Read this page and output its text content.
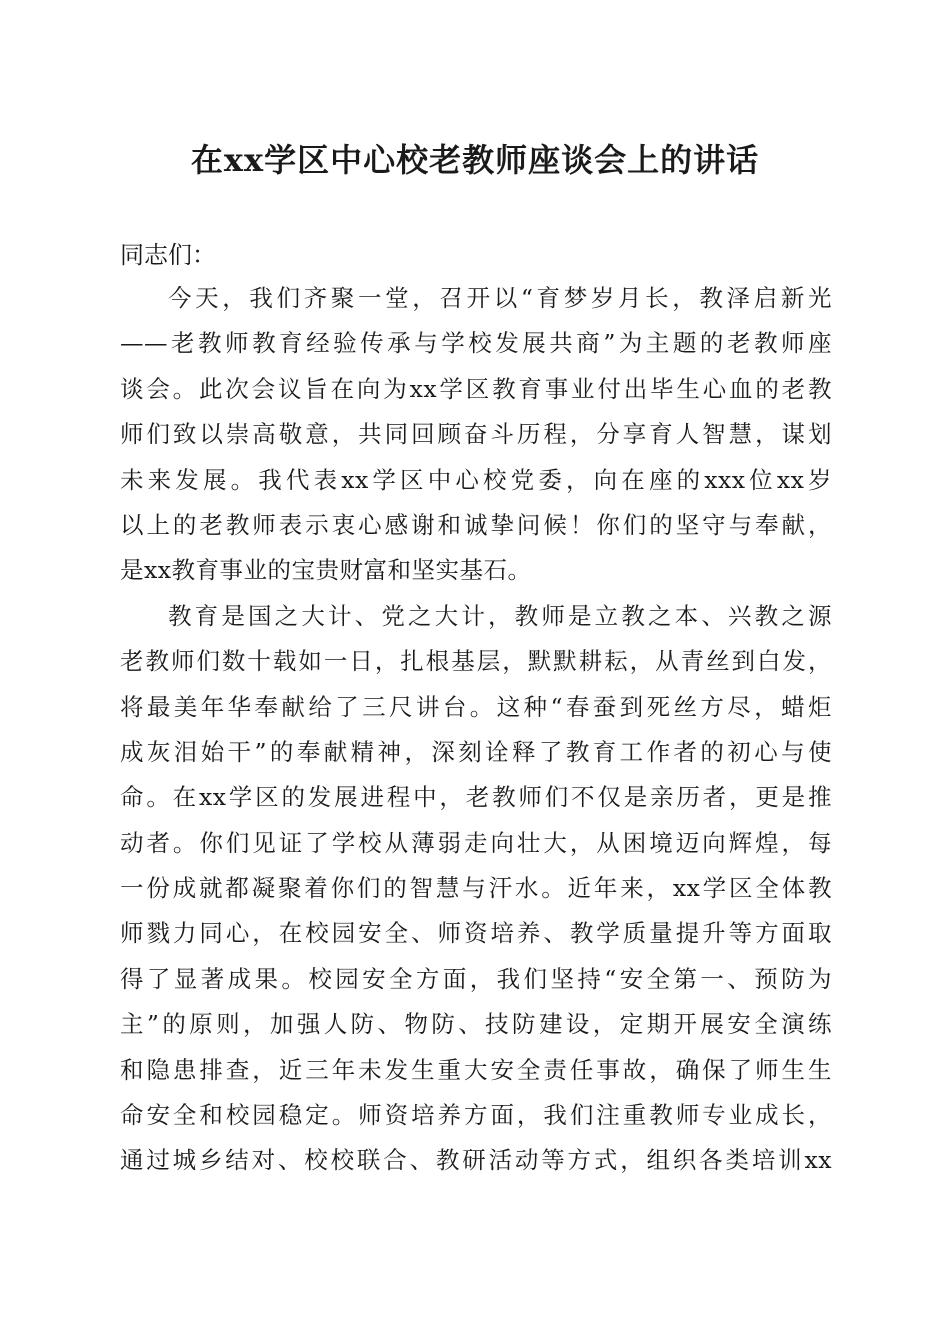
在xx学区中心校老教师座谈会上的讲话
同志们：
今天，我们齐聚一堂，召开以“育梦岁月长，教泽启新光
——老教师教育经验传承与学校发展共商”为主题的老教师座
谈会。此次会议旨在向为xx学区教育事业付出毕生心血的老教
师们致以崇高敬意，共同回顾奋斗历程，分享育人智慧，谋划
未来发展。我代表xx学区中心校党委，向在座的xxx位xx岁
以上的老教师表示衷心感谢和诚挚问候！你们的坚守与奉献，
是xx教育事业的宝贵财富和坚实基石。
教育是国之大计、党之大计，教师是立教之本、兴教之源
老教师们数十载如一日，扎根基层，默默耕耘，从青丝到白发，
将最美年华奉献给了三尺讲台。这种“春蚕到死丝方尽，蜡炬
成灰泪始干”的奉献精神，深刻诠释了教育工作者的初心与使
命。在xx学区的发展进程中，老教师们不仅是亲历者，更是推
动者。你们见证了学校从薄弱走向壮大，从困境迈向辉煌，每
一份成就都凝聚着你们的智慧与汗水。近年来，xx学区全体教
师戮力同心，在校园安全、师资培养、教学质量提升等方面取
得了显著成果。校园安全方面，我们坚持“安全第一、预防为
主”的原则，加强人防、物防、技防建设，定期开展安全演练
和隐患排查，近三年未发生重大安全责任事故，确保了师生生
命安全和校园稳定。师资培养方面，我们注重教师专业成长，
通过城乡结对、校校联合、教研活动等方式，组织各类培训xx
